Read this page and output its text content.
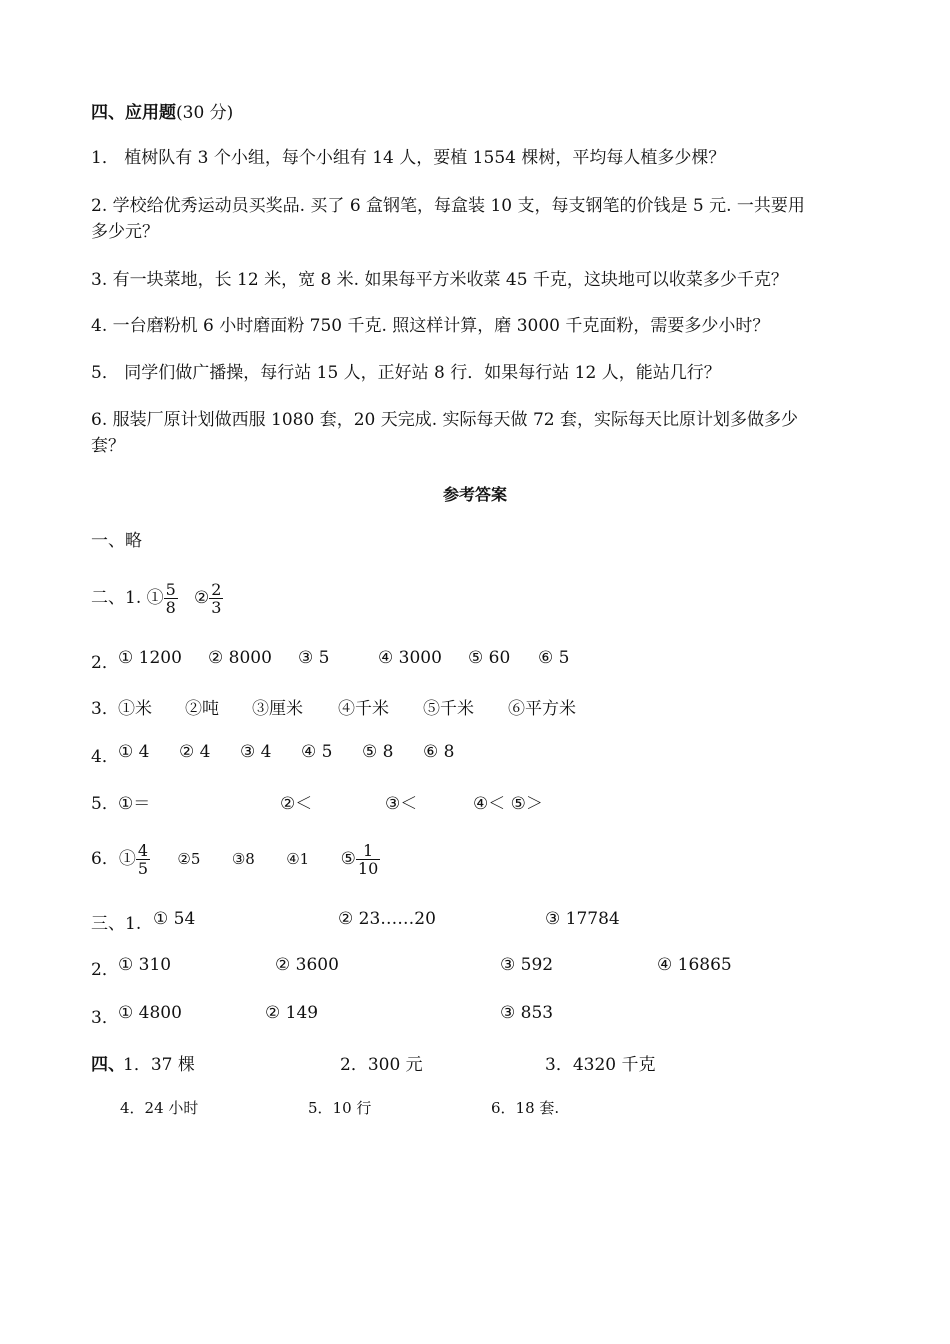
四、应用题(30 分)
1． 植树队有 3 个小组，每个小组有 14 人，要植 1554 棵树，平均每人植多少棵？
2. 学校给优秀运动员买奖品. 买了 6 盒钢笔，每盒装 10 支，每支钢笔的价钱是 5 元. 一共要用多少元？
3. 有一块菜地，长 12 米，宽 8 米. 如果每平方米收菜 45 千克，这块地可以收菜多少千克？
4. 一台磨粉机 6 小时磨面粉 750 千克. 照这样计算，磨 3000 千克面粉，需要多少小时？
5． 同学们做广播操，每行站 15 人，正好站 8 行．如果每行站 12 人，能站几行？
6. 服装厂原计划做西服 1080 套，20 天完成. 实际每天做 72 套，实际每天比原计划多做多少套？
参考答案
一、略
二、1. ① $\frac{5}{8}$ ② $\frac{2}{3}$
2． ① 1200 ② 8000 ③ 5	④ 3000 ⑤ 60 ⑥ 5
3． ①米 ②吨 ③厘米 ④千米 ⑤千米 ⑥平方米
4． ① 4 ② 4 ③ 4 ④ 5 ⑤ 8 ⑥ 8
5． ①＝	②＜	③＜	④＜ ⑤＞
6．① $\frac{4}{5}$ ②5 ③8 ④1 ⑤ $\frac{1}{10}$
三、1. ① 54	② 23……20	③ 17784
2． ① 310	② 3600	③ 592	④ 16865
3． ① 4800	② 149	③ 853
四、
1．37 棵	2．300 元	3．4320 千克
4．24 小时	5．10 行	6．18 套.
